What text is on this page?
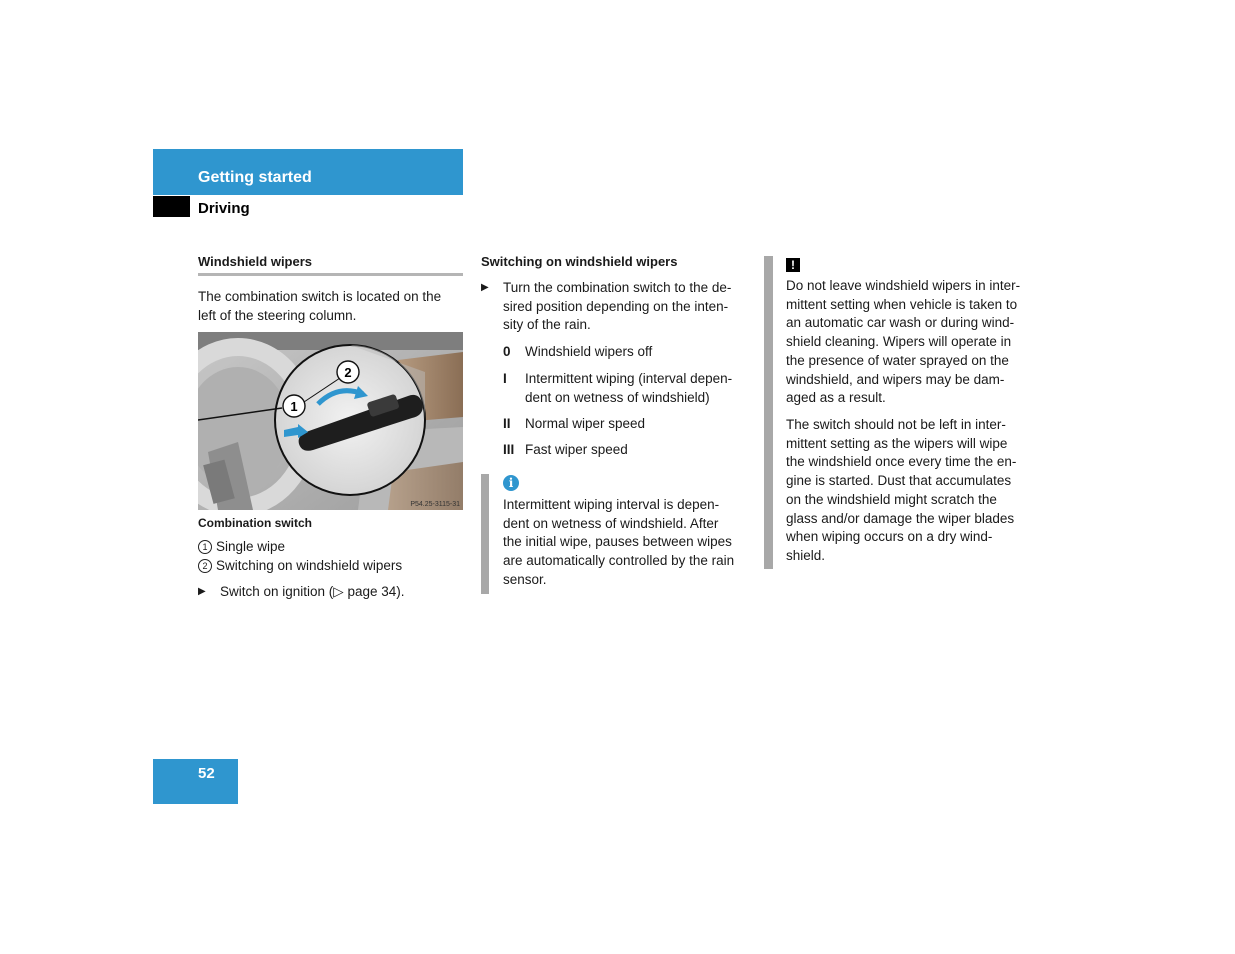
Getting started
Driving
Windshield wipers
The combination switch is located on the
left of the steering column.
1
2
P54.25-3115-31
Combination switch
1 Single wipe
2 Switching on windshield wipers
▶ Switch on ignition (▷ page 34).
Switching on windshield wipers
▶ Turn the combination switch to the de-
sired position depending on the inten-
sity of the rain.
0 Windshield wipers off
I Intermittent wiping (interval depen-
dent on wetness of windshield)
II Normal wiper speed
III Fast wiper speed
i
Intermittent wiping interval is depen-
dent on wetness of windshield. After
the initial wipe, pauses between wipes
are automatically controlled by the rain
sensor.
!
Do not leave windshield wipers in inter-
mittent setting when vehicle is taken to
an automatic car wash or during wind-
shield cleaning. Wipers will operate in
the presence of water sprayed on the
windshield, and wipers may be dam-
aged as a result.
The switch should not be left in inter-
mittent setting as the wipers will wipe
the windshield once every time the en-
gine is started. Dust that accumulates
on the windshield might scratch the
glass and/or damage the wiper blades
when wiping occurs on a dry wind-
shield.
52
